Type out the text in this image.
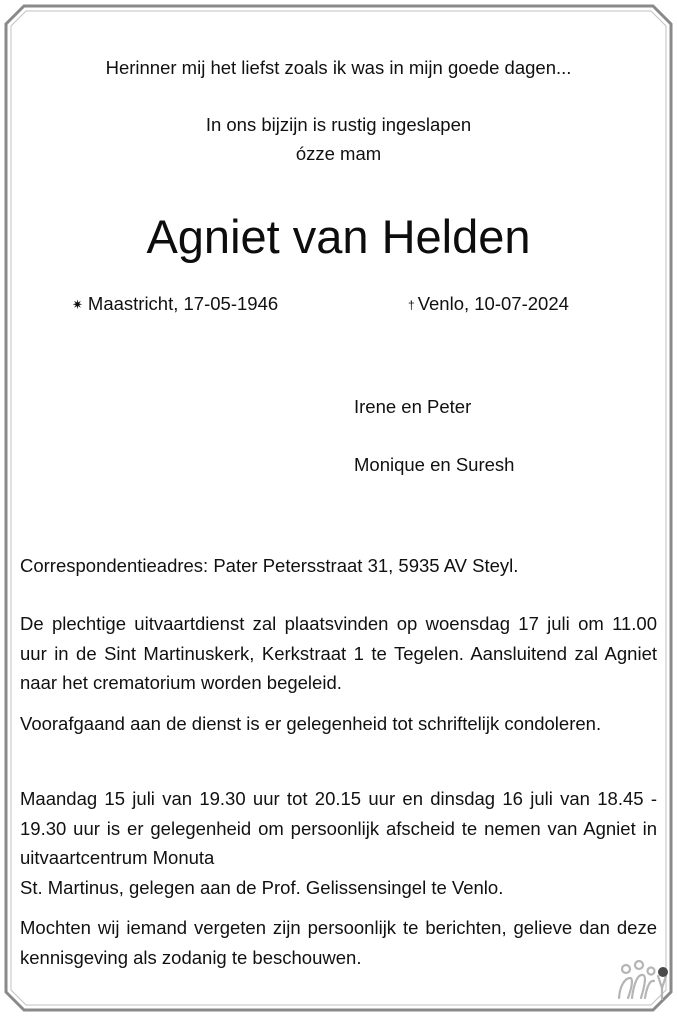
Herinner mij het liefst zoals ik was in mijn goede dagen...
In ons bijzijn is rustig ingeslapen
ózze mam
Agniet van Helden
✷ Maastricht, 17-05-1946	† Venlo, 10-07-2024
Irene en Peter
Monique en Suresh
Correspondentieadres: Pater Petersstraat 31, 5935 AV Steyl.
De plechtige uitvaartdienst zal plaatsvinden op woensdag 17 juli om 11.00 uur in de Sint Martinuskerk, Kerkstraat 1 te Tegelen. Aansluitend zal Agniet naar het crematorium worden begeleid.
Voorafgaand aan de dienst is er gelegenheid tot schriftelijk condoleren.
Maandag 15 juli van 19.30 uur tot 20.15 uur en dinsdag 16 juli van 18.45 - 19.30 uur is er gelegenheid om persoonlijk afscheid te nemen van Agniet in uitvaartcentrum Monuta
St. Martinus, gelegen aan de Prof. Gelissensingel te Venlo.
Mochten wij iemand vergeten zijn persoonlijk te berichten, gelieve dan deze kennisgeving als zodanig te beschouwen.
